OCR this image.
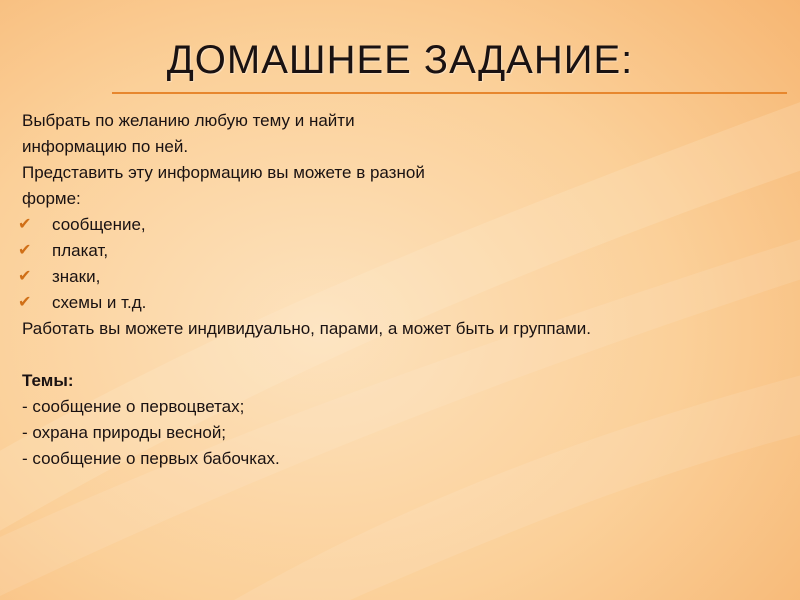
ДОМАШНЕЕ ЗАДАНИЕ:
Выбрать по желанию любую тему и найти
информацию по ней.
Представить эту информацию вы можете в разной
форме:
✔	сообщение,
✔	плакат,
✔	знаки,
✔	схемы и т.д.
Работать вы можете индивидуально, парами, а может быть и группами.
Темы:
- сообщение о первоцветах;
- охрана природы весной;
- сообщение о первых бабочках.
